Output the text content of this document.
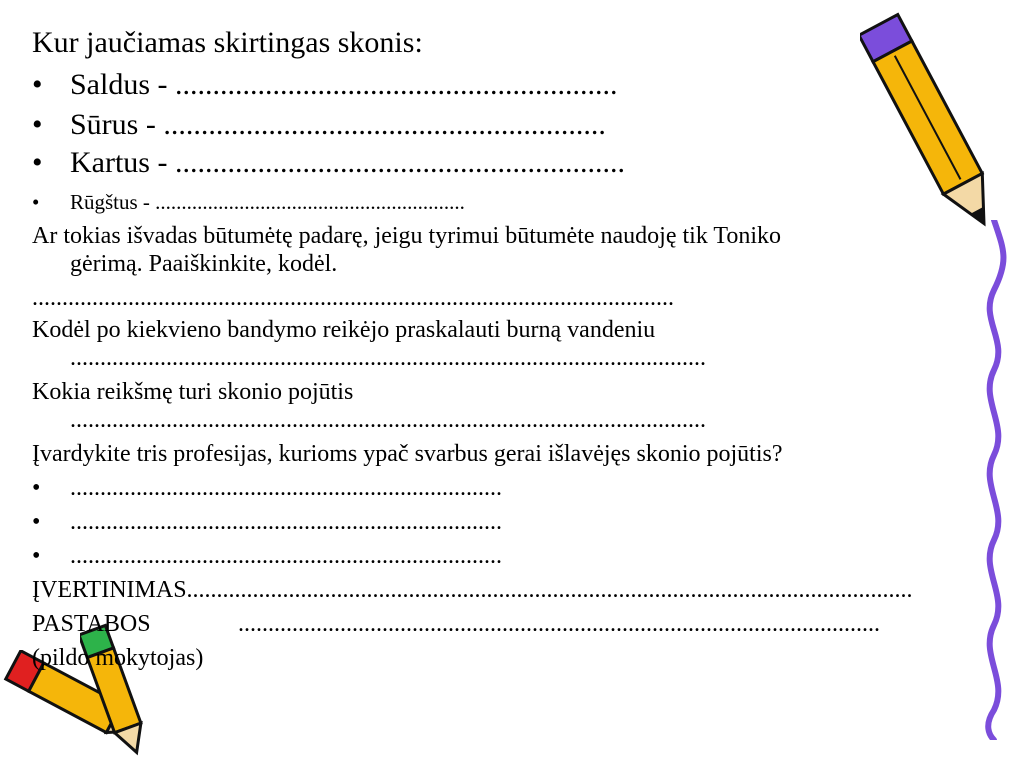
Kur jaučiamas skirtingas skonis:
• Saldus - ...........................................................
• Sūrus - ...........................................................
• Kartus - ............................................................
• Rūgštus - ...........................................................
Ar tokias išvadas būtumėtę padarę, jeigu tyrimui būtumėte naudoję tik Toniko
gėrimą. Paaiškinkite, kodėl.
...........................................................................................................
Kodėl po kiekvieno bandymo reikėjo praskalauti burną vandeniu
..........................................................................................................
Kokia reikšmę turi skonio pojūtis
..........................................................................................................
Įvardykite tris profesijas, kurioms ypač svarbus gerai išlavėjęs skonio pojūtis?
• ........................................................................
• ........................................................................
• ........................................................................
ĮVERTINIMAS.........................................................................................................................
PASTABOS	...........................................................................................................
(pildo mokytojas)
